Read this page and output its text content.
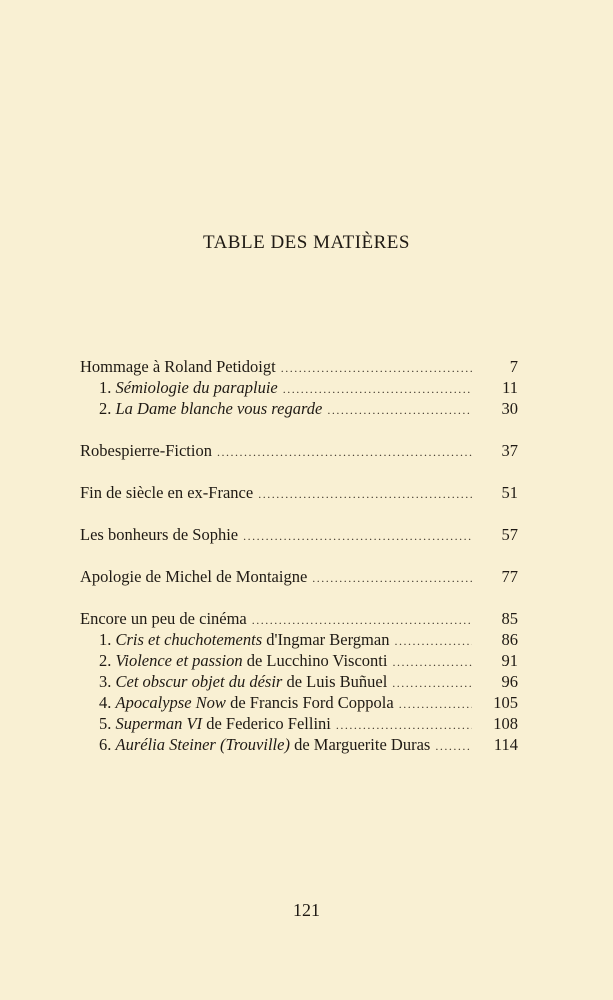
TABLE DES MATIÈRES
Hommage à Roland Petidoigt .....	7
1. Sémiologie du parapluie .....	11
2. La Dame blanche vous regarde .....	30
Robespierre-Fiction .....	37
Fin de siècle en ex-France .....	51
Les bonheurs de Sophie .....	57
Apologie de Michel de Montaigne .....	77
Encore un peu de cinéma .....	85
1. Cris et chuchotements d'Ingmar Bergman .....	86
2. Violence et passion de Lucchino Visconti .....	91
3. Cet obscur objet du désir de Luis Buñuel .....	96
4. Apocalypse Now de Francis Ford Coppola .....	105
5. Superman VI de Federico Fellini .....	108
6. Aurélia Steiner (Trouville) de Marguerite Duras .....	114
121
